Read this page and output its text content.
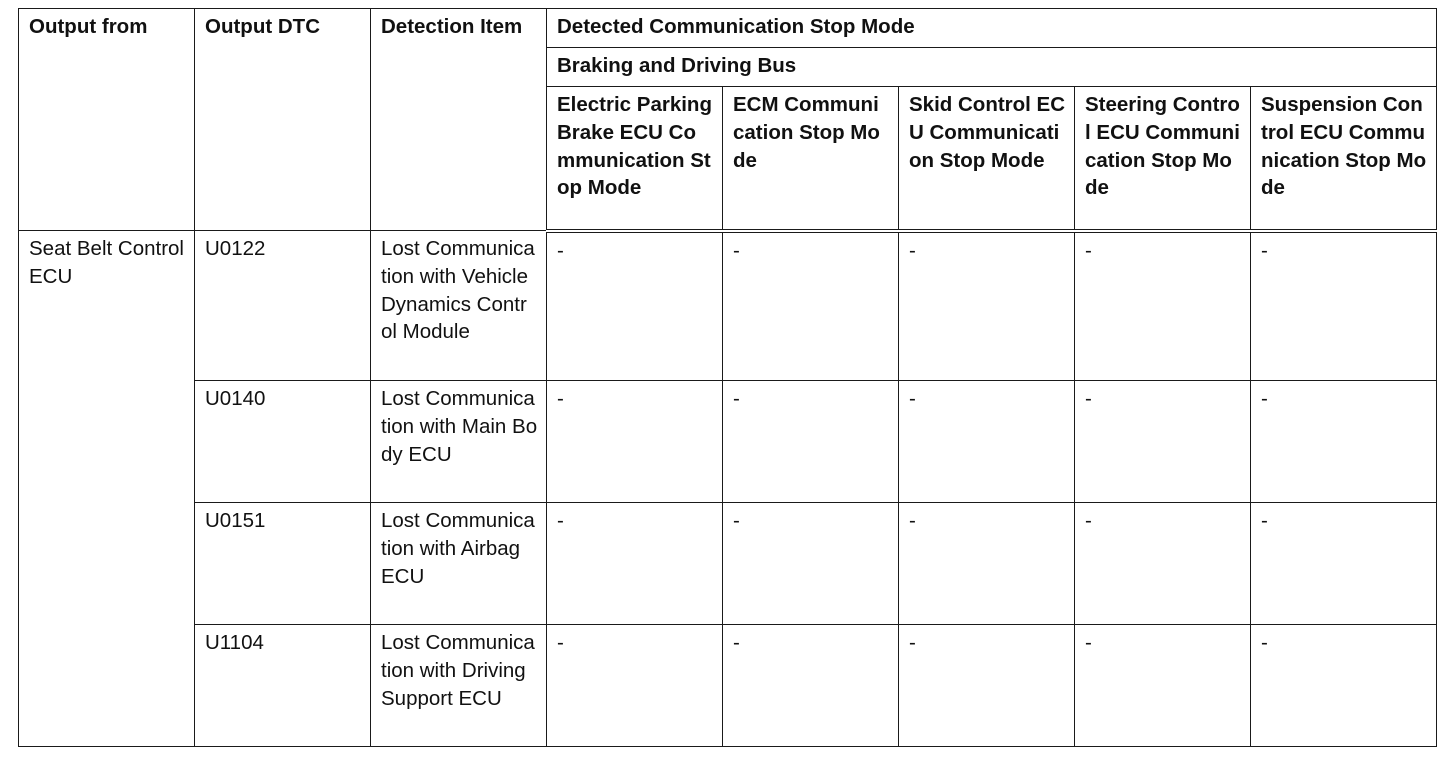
Output from	Output DTC	Detection Item	Detected Communication Stop Mode				
			Braking and Driving Bus				
			Electric Parking Brake ECU Communication Stop Mode	ECM Communication Stop Mode	Skid Control ECU Communication Stop Mode	Steering Control ECU Communication Stop Mode	Suspension Control ECU Communication Stop Mode
Seat Belt Control ECU	U0122	Lost Communication with Vehicle Dynamics Control Module	-	-	-	-	-
	U0140	Lost Communication with Main Body ECU	-	-	-	-	-
	U0151	Lost Communication with Airbag ECU	-	-	-	-	-
	U1104	Lost Communication with Driving Support ECU	-	-	-	-	-
